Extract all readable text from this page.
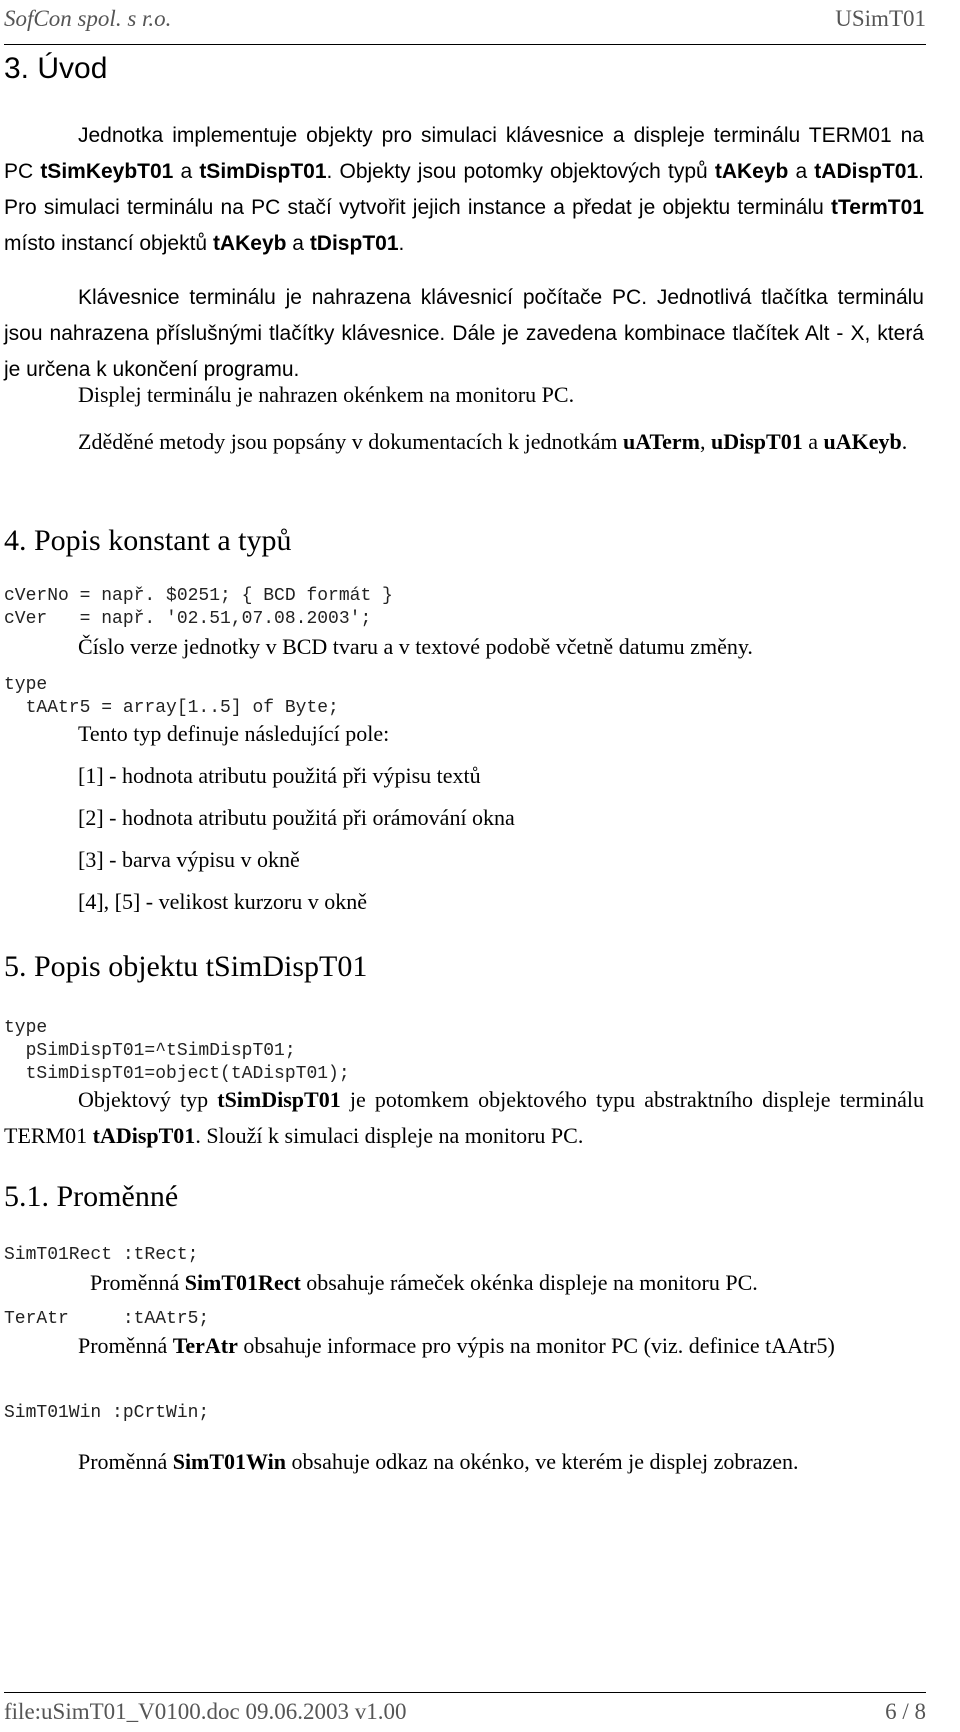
SofCon spol. s r.o.	USimT01
3. Úvod
Jednotka implementuje objekty pro simulaci klávesnice a displeje terminálu TERM01 na PC tSimKeybT01 a tSimDispT01. Objekty jsou potomky objektových typů tAKeyb a tADispT01. Pro simulaci terminálu na PC stačí vytvořit jejich instance a předat je objektu terminálu tTermT01 místo instancí objektů tAKeyb a tDispT01.
Klávesnice terminálu je nahrazena klávesnicí počítače PC. Jednotlivá tlačítka terminálu jsou nahrazena příslušnými tlačítky klávesnice. Dále je zavedena kombinace tlačítek Alt - X, která je určena k ukončení programu.
Displej terminálu je nahrazen okénkem na monitoru PC.
Zděděné metody jsou popsány v dokumentacích k jednotkám uATerm, uDispT01 a uAKeyb.
4. Popis konstant a typů
cVerNo = např. $0251; { BCD formát }
cVer   = např. '02.51,07.08.2003';
Číslo verze jednotky v BCD tvaru a v textové podobě včetně datumu změny.
type
tAAtr5 = array[1..5] of Byte;
Tento typ definuje následující pole:
[1] - hodnota atributu použitá při výpisu textů
[2] - hodnota atributu použitá při orámování okna
[3] - barva výpisu v okně
[4], [5] - velikost kurzoru v okně
5. Popis objektu tSimDispT01
type
pSimDispT01=^tSimDispT01;
tSimDispT01=object(tADispT01);
Objektový typ tSimDispT01 je potomkem objektového typu abstraktního displeje terminálu TERM01 tADispT01. Slouží k simulaci displeje na monitoru PC.
5.1. Proměnné
SimT01Rect :tRect;
Proměnná SimT01Rect obsahuje rámeček okénka displeje na monitoru PC.
TerAtr     :tAAtr5;
Proměnná TerAtr obsahuje informace pro výpis na monitor PC (viz. definice tAAtr5)
SimT01Win :pCrtWin;
Proměnná SimT01Win obsahuje odkaz na okénko, ve kterém je displej zobrazen.
file:uSimT01_V0100.doc 09.06.2003 v1.00	6 / 8
